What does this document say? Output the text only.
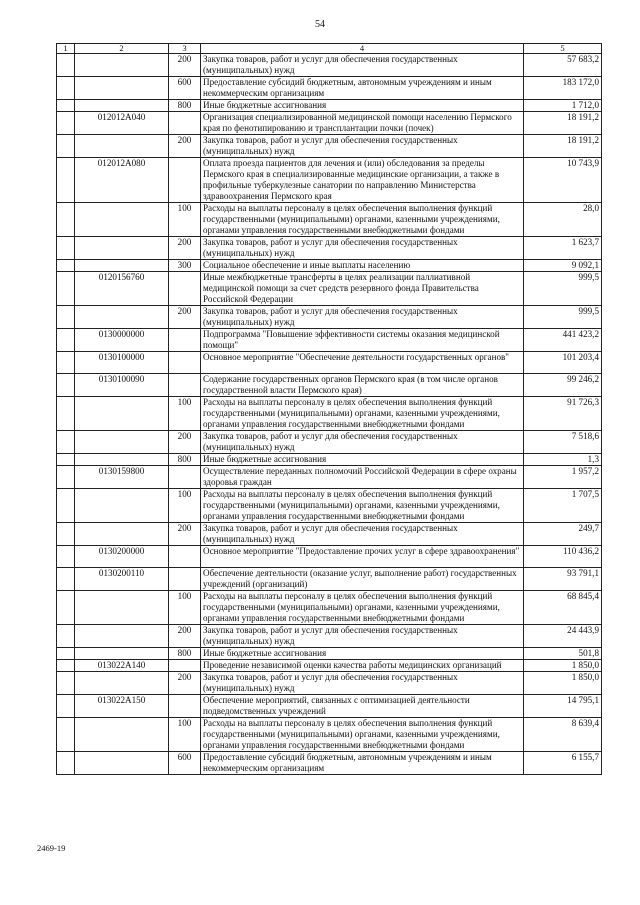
54
1	2	3	4	5
		200	Закупка товаров, работ и услуг для обеспечения государственных (муниципальных) нужд	57 683,2
		600	Предоставление субсидий бюджетным, автономным учреждениям и иным некоммерческим организациям	183 172,0
		800	Иные бюджетные ассигнования	1 712,0
	012012А040		Организация специализированной медицинской помощи населению Пермского края по фенотипированию и трансплантации почки (почек)	18 191,2
		200	Закупка товаров, работ и услуг для обеспечения государственных (муниципальных) нужд	18 191,2
	012012А080		Оплата проезда пациентов для лечения и (или) обследования за пределы Пермского края в специализированные медицинские организации, а также в профильные туберкулезные санатории по направлению Министерства здравоохранения Пермского края	10 743,9
		100	Расходы на выплаты персоналу в целях обеспечения выполнения функций государственными (муниципальными) органами, казенными учреждениями, органами управления государственными внебюджетными фондами	28,0
		200	Закупка товаров, работ и услуг для обеспечения государственных (муниципальных) нужд	1 623,7
		300	Социальное обеспечение и иные выплаты населению	9 092,1
	0120156760		Иные межбюджетные трансферты в целях реализации паллиативной медицинской помощи за счет средств резервного фонда Правительства Российской Федерации	999,5
		200	Закупка товаров, работ и услуг для обеспечения государственных (муниципальных) нужд	999,5
	0130000000		Подпрограмма "Повышение эффективности системы оказания медицинской помощи"	441 423,2
	0130100000		Основное мероприятие "Обеспечение деятельности государственных органов"	101 203,4
	0130100090		Содержание государственных органов Пермского края (в том числе органов государственной власти Пермского края)	99 246,2
		100	Расходы на выплаты персоналу в целях обеспечения выполнения функций государственными (муниципальными) органами, казенными учреждениями, органами управления государственными внебюджетными фондами	91 726,3
		200	Закупка товаров, работ и услуг для обеспечения государственных (муниципальных) нужд	7 518,6
		800	Иные бюджетные ассигнования	1,3
	0130159800		Осуществление переданных полномочий Российской Федерации в сфере охраны здоровья граждан	1 957,2
		100	Расходы на выплаты персоналу в целях обеспечения выполнения функций государственными (муниципальными) органами, казенными учреждениями, органами управления государственными внебюджетными фондами	1 707,5
		200	Закупка товаров, работ и услуг для обеспечения государственных (муниципальных) нужд	249,7
	0130200000		Основное мероприятие "Предоставление прочих услуг в сфере здравоохранения"	110 436,2
	0130200110		Обеспечение деятельности (оказание услуг, выполнение работ) государственных учреждений (организаций)	93 791,1
		100	Расходы на выплаты персоналу в целях обеспечения выполнения функций государственными (муниципальными) органами, казенными учреждениями, органами управления государственными внебюджетными фондами	68 845,4
		200	Закупка товаров, работ и услуг для обеспечения государственных (муниципальных) нужд	24 443,9
		800	Иные бюджетные ассигнования	501,8
	013022А140		Проведение независимой оценки качества работы медицинских организаций	1 850,0
		200	Закупка товаров, работ и услуг для обеспечения государственных (муниципальных) нужд	1 850,0
	013022А150		Обеспечение мероприятий, связанных с оптимизацией деятельности подведомственных учреждений	14 795,1
		100	Расходы на выплаты персоналу в целях обеспечения выполнения функций государственными (муниципальными) органами, казенными учреждениями, органами управления государственными внебюджетными фондами	8 639,4
		600	Предоставление субсидий бюджетным, автономным учреждениям и иным некоммерческим организациям	6 155,7
2469-19
